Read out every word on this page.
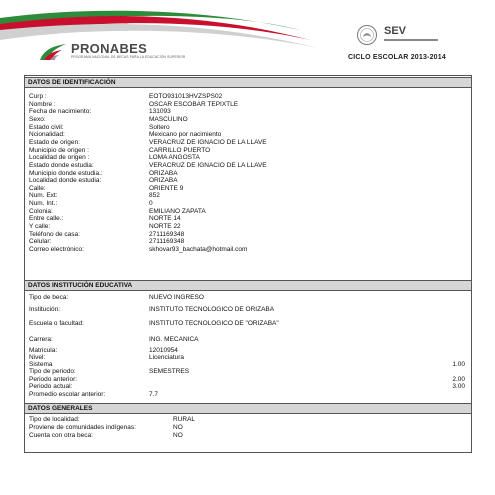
PRONABES
PROGRAMA NACIONAL DE BECAS PARA LA EDUCACIÓN SUPERIOR
SEV
CICLO ESCOLAR 2013-2014
DATOS DE IDENTIFICACIÓN
Curp :	EOTO931013HVZSPS02
Nombre :	OSCAR ESCOBAR TEPIXTLE
Fecha de nacimiento:	131093
Sexo:	MASCULINO
Estado civil:	Soltero
Ncionalidad:	Mexicano por nacimiento
Estado de origen:	VERACRUZ DE IGNACIO DE LA LLAVE
Municipio de origen :	CARRILLO PUERTO
Localidad de origen :	LOMA ANGOSTA
Estado donde estudia:	VERACRUZ DE IGNACIO DE LA LLAVE
Municipio donde estudia.:	ORIZABA
Localidad donde estudia:	ORIZABA
Calle:	ORIENTE 9
Num. Ext:	852
Num. Int.:	0
Colonia:	EMILIANO ZAPATA
Entre calle.:	NORTE 14
Y calle:	NORTE 22
Teléfono de casa:	2711169348
Celular:	2711169348
Correo electrónico:	skhovar93_bachata@hotmail.com
DATOS INSTITUCIÓN EDUCATIVA
Tipo de beca:	NUEVO INGRESO
Institución:	INSTITUTO TECNOLOGICO DE ORIZABA
Escuela o facultad:	INSTITUTO TECNOLOGICO DE "ORIZABA"
Carrera:	ING. MECANICA
Matricula:	12010954
Nivel:	Licenciatura
Sistema	1.00
Tipo de periodo:	SEMESTRES
Periodo anterior:	2.00
Periodo actual:	3.00
Promedio escolar anterior:	7.7
DATOS GENERALES
Tipo de localidad:	RURAL
Proviene de comunidades indígenas:	NO
Cuenta con otra beca:	NO
